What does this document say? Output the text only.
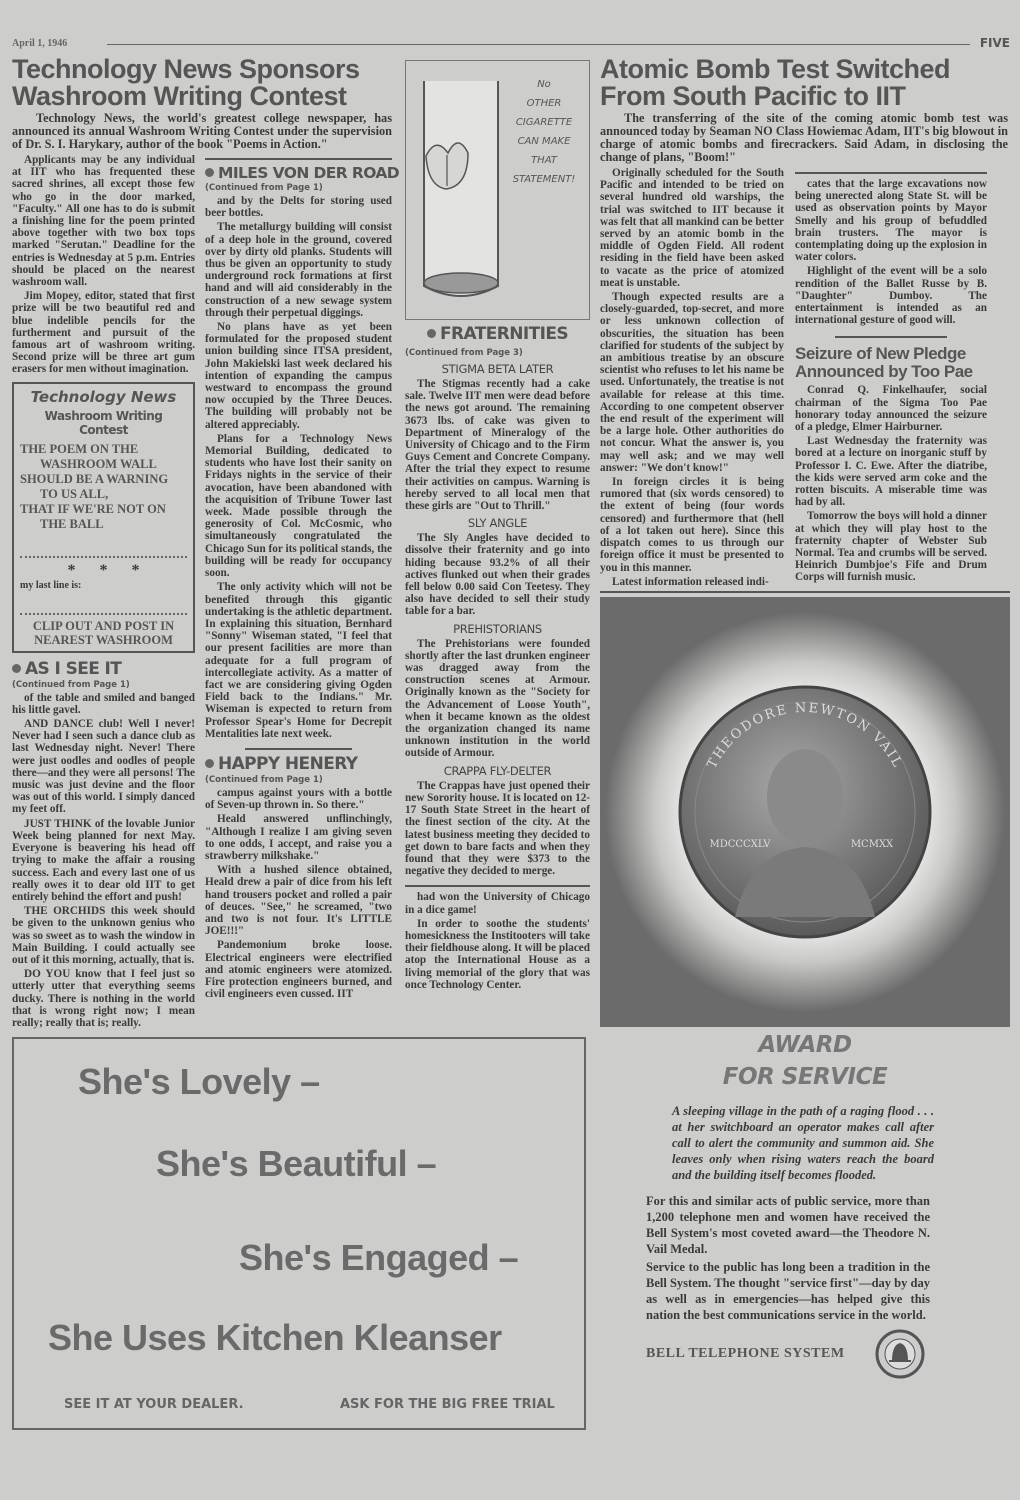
April 1, 1946	FIVE
Technology News Sponsors
Washroom Writing Contest

Technology News, the world's greatest college newspaper, has announced its annual Washroom Writing Contest under the supervision of Dr. S. I. Harykary, author of the book "Poems in Action."

Applicants may be any individual at IIT who has frequented these sacred shrines, all except those few who go in the door marked, "Faculty." All one has to do is submit a finishing line for the poem printed above together with two box tops marked "Serutan." Deadline for the entries is Wednesday at 5 p.m. Entries should be placed on the nearest washroom wall.

Jim Mopey, editor, stated that first prize will be two beautiful red and blue indelible pencils for the furtherment and pursuit of the famous art of washroom writing. Second prize will be three art gum erasers for men without imagination.

Technology News
Washroom Writing Contest
THE POEM ON THE
WASHROOM WALL
SHOULD BE A WARNING
TO US ALL,
THAT IF WE'RE NOT ON
THE BALL
* * *
my last line is:
CLIP OUT AND POST IN NEAREST WASHROOM
AS I SEE IT
(Continued from Page 1)

of the table and smiled and banged his little gavel.

AND DANCE club! Well I never! Never had I seen such a dance club as last Wednesday night. Never! There were just oodles and oodles of people there—and they were all persons! The music was just devine and the floor was out of this world. I simply danced my feet off.

JUST THINK of the lovable Junior Week being planned for next May. Everyone is beavering his head off trying to make the affair a rousing success. Each and every last one of us really owes it to dear old IIT to get entirely behind the effort and push!

THE ORCHIDS this week should be given to the unknown genius who was so sweet as to wash the window in Main Building. I could actually see out of it this morning, actually, that is.

DO YOU know that I feel just so utterly utter that everything seems ducky. There is nothing in the world that is wrong right now; I mean really; really that is; really.

MILES VON DER ROAD
(Continued from Page 1)

and by the Delts for storing used beer bottles.

The metallurgy building will consist of a deep hole in the ground, covered over by dirty old planks. Students will thus be given an opportunity to study underground rock formations at first hand and will aid considerably in the construction of a new sewage system through their perpetual diggings.

No plans have as yet been formulated for the proposed student union building since ITSA president, John Makielski last week declared his intention of expanding the campus westward to encompass the ground now occupied by the Three Deuces. The building will probably not be altered appreciably.

Plans for a Technology News Memorial Building, dedicated to students who have lost their sanity on Fridays nights in the service of their avocation, have been abandoned with the acquisition of Tribune Tower last week. Made possible through the generosity of Col. McCosmic, who simultaneously congratulated the Chicago Sun for its political stands, the building will be ready for occupancy soon.

The only activity which will not be benefited through this gigantic undertaking is the athletic department. In explaining this situation, Bernhard "Sonny" Wiseman stated, "I feel that our present facilities are more than adequate for a full program of intercollegiate activity. As a matter of fact we are considering giving Ogden Field back to the Indians." Mr. Wiseman is expected to return from Professor Spear's Home for Decrepit Mentalities late next week.

HAPPY HENERY
(Continued from Page 1)

campus against yours with a bottle of Seven-up thrown in. So there."

Heald answered unflinchingly, "Although I realize I am giving seven to one odds, I accept, and raise you a strawberry milkshake."

With a hushed silence obtained, Heald drew a pair of dice from his left hand trousers pocket and rolled a pair of deuces. "See," he screamed, "two and two is not four. It's LITTLE JOE!!!"

Pandemonium broke loose. Electrical engineers were electrified and atomic engineers were atomized. Fire protection engineers burned, and civil engineers even cussed. IIT

No
OTHER
CIGARETTE
CAN MAKE
THAT
STATEMENT!
FRATERNITIES
(Continued from Page 3)
STIGMA BETA LATER

The Stigmas recently had a cake sale. Twelve IIT men were dead before the news got around. The remaining 3673 lbs. of cake was given to Department of Mineralogy of the University of Chicago and to the Firm Guys Cement and Concrete Company. After the trial they expect to resume their activities on campus. Warning is hereby served to all local men that these girls are "Out to Thrill."

SLY ANGLE

The Sly Angles have decided to dissolve their fraternity and go into hiding because 93.2% of all their actives flunked out when their grades fell below 0.00 said Con Teetesy. They also have decided to sell their study table for a bar.

PREHISTORIANS

The Prehistorians were founded shortly after the last drunken engineer was dragged away from the construction scenes at Armour. Originally known as the "Society for the Advancement of Loose Youth", when it became known as the oldest the organization changed its name unknown institution in the world outside of Armour.

CRAPPA FLY-DELTER

The Crappas have just opened their new Sorority house. It is located on 12-17 South State Street in the heart of the finest section of the city. At the latest business meeting they decided to get down to bare facts and when they found that they were $373 to the negative they decided to merge.

had won the University of Chicago in a dice game!

In order to soothe the students' homesickness the Institooters will take their fieldhouse along. It will be placed atop the International House as a living memorial of the glory that was once Technology Center.

She's Lovely –
She's Beautiful –
She's Engaged –
She Uses Kitchen Kleanser
SEE IT AT YOUR DEALER.	ASK FOR THE BIG FREE TRIAL
Atomic Bomb Test Switched
From South Pacific to IIT

The transferring of the site of the coming atomic bomb test was announced today by Seaman NO Class Howiemac Adam, IIT's big blowout in charge of atomic bombs and firecrackers. Said Adam, in disclosing the change of plans, "Boom!"

Originally scheduled for the South Pacific and intended to be tried on several hundred old warships, the trial was switched to IIT because it was felt that all mankind can be better served by an atomic bomb in the middle of Ogden Field. All rodent residing in the field have been asked to vacate as the price of atomized meat is unstable.

Though expected results are a closely-guarded, top-secret, and more or less unknown collection of obscurities, the situation has been clarified for students of the subject by an ambitious treatise by an obscure scientist who refuses to let his name be used. Unfortunately, the treatise is not available for release at this time. According to one competent observer the end result of the experiment will be a large hole. Other authorities do not concur. What the answer is, you may well ask; and we may well answer: "We don't know!"

In foreign circles it is being rumored that (six words censored) to the extent of being (four words censored) and furthermore that (hell of a lot taken out here). Since this dispatch comes to us through our foreign office it must be presented to you in this manner.

Latest information released indi-

cates that the large excavations now being unerected along State St. will be used as observation points by Mayor Smelly and his group of befuddled brain trusters. The mayor is contemplating doing up the explosion in water colors.

Highlight of the event will be a solo rendition of the Ballet Russe by B. "Daughter" Dumboy. The entertainment is intended as an international gesture of good will.

Seizure of New Pledge
Announced by Too Pae

Conrad Q. Finkelhaufer, social chairman of the Sigma Too Pae honorary today announced the seizure of a pledge, Elmer Hairburner.

Last Wednesday the fraternity was bored at a lecture on inorganic stuff by Professor I. C. Ewe. After the diatribe, the kids were served arm coke and the rotten biscuits. A miserable time was had by all.

Tomorrow the boys will hold a dinner at which they will play host to the fraternity chapter of Webster Sub Normal. Tea and crumbs will be served. Heinrich Dumbjoe's Fife and Drum Corps will furnish music.

THEODORE NEWTON VAIL
MDCCCXLV	MCMXX
AWARD
FOR SERVICE

A sleeping village in the path of a raging flood . . . at her switchboard an operator makes call after call to alert the community and summon aid. She leaves only when rising waters reach the board and the building itself becomes flooded.

For this and similar acts of public service, more than 1,200 telephone men and women have received the Bell System's most coveted award—the Theodore N. Vail Medal.

Service to the public has long been a tradition in the Bell System. The thought "service first"—day by day as well as in emergencies—has helped give this nation the best communications service in the world.

BELL TELEPHONE SYSTEM
